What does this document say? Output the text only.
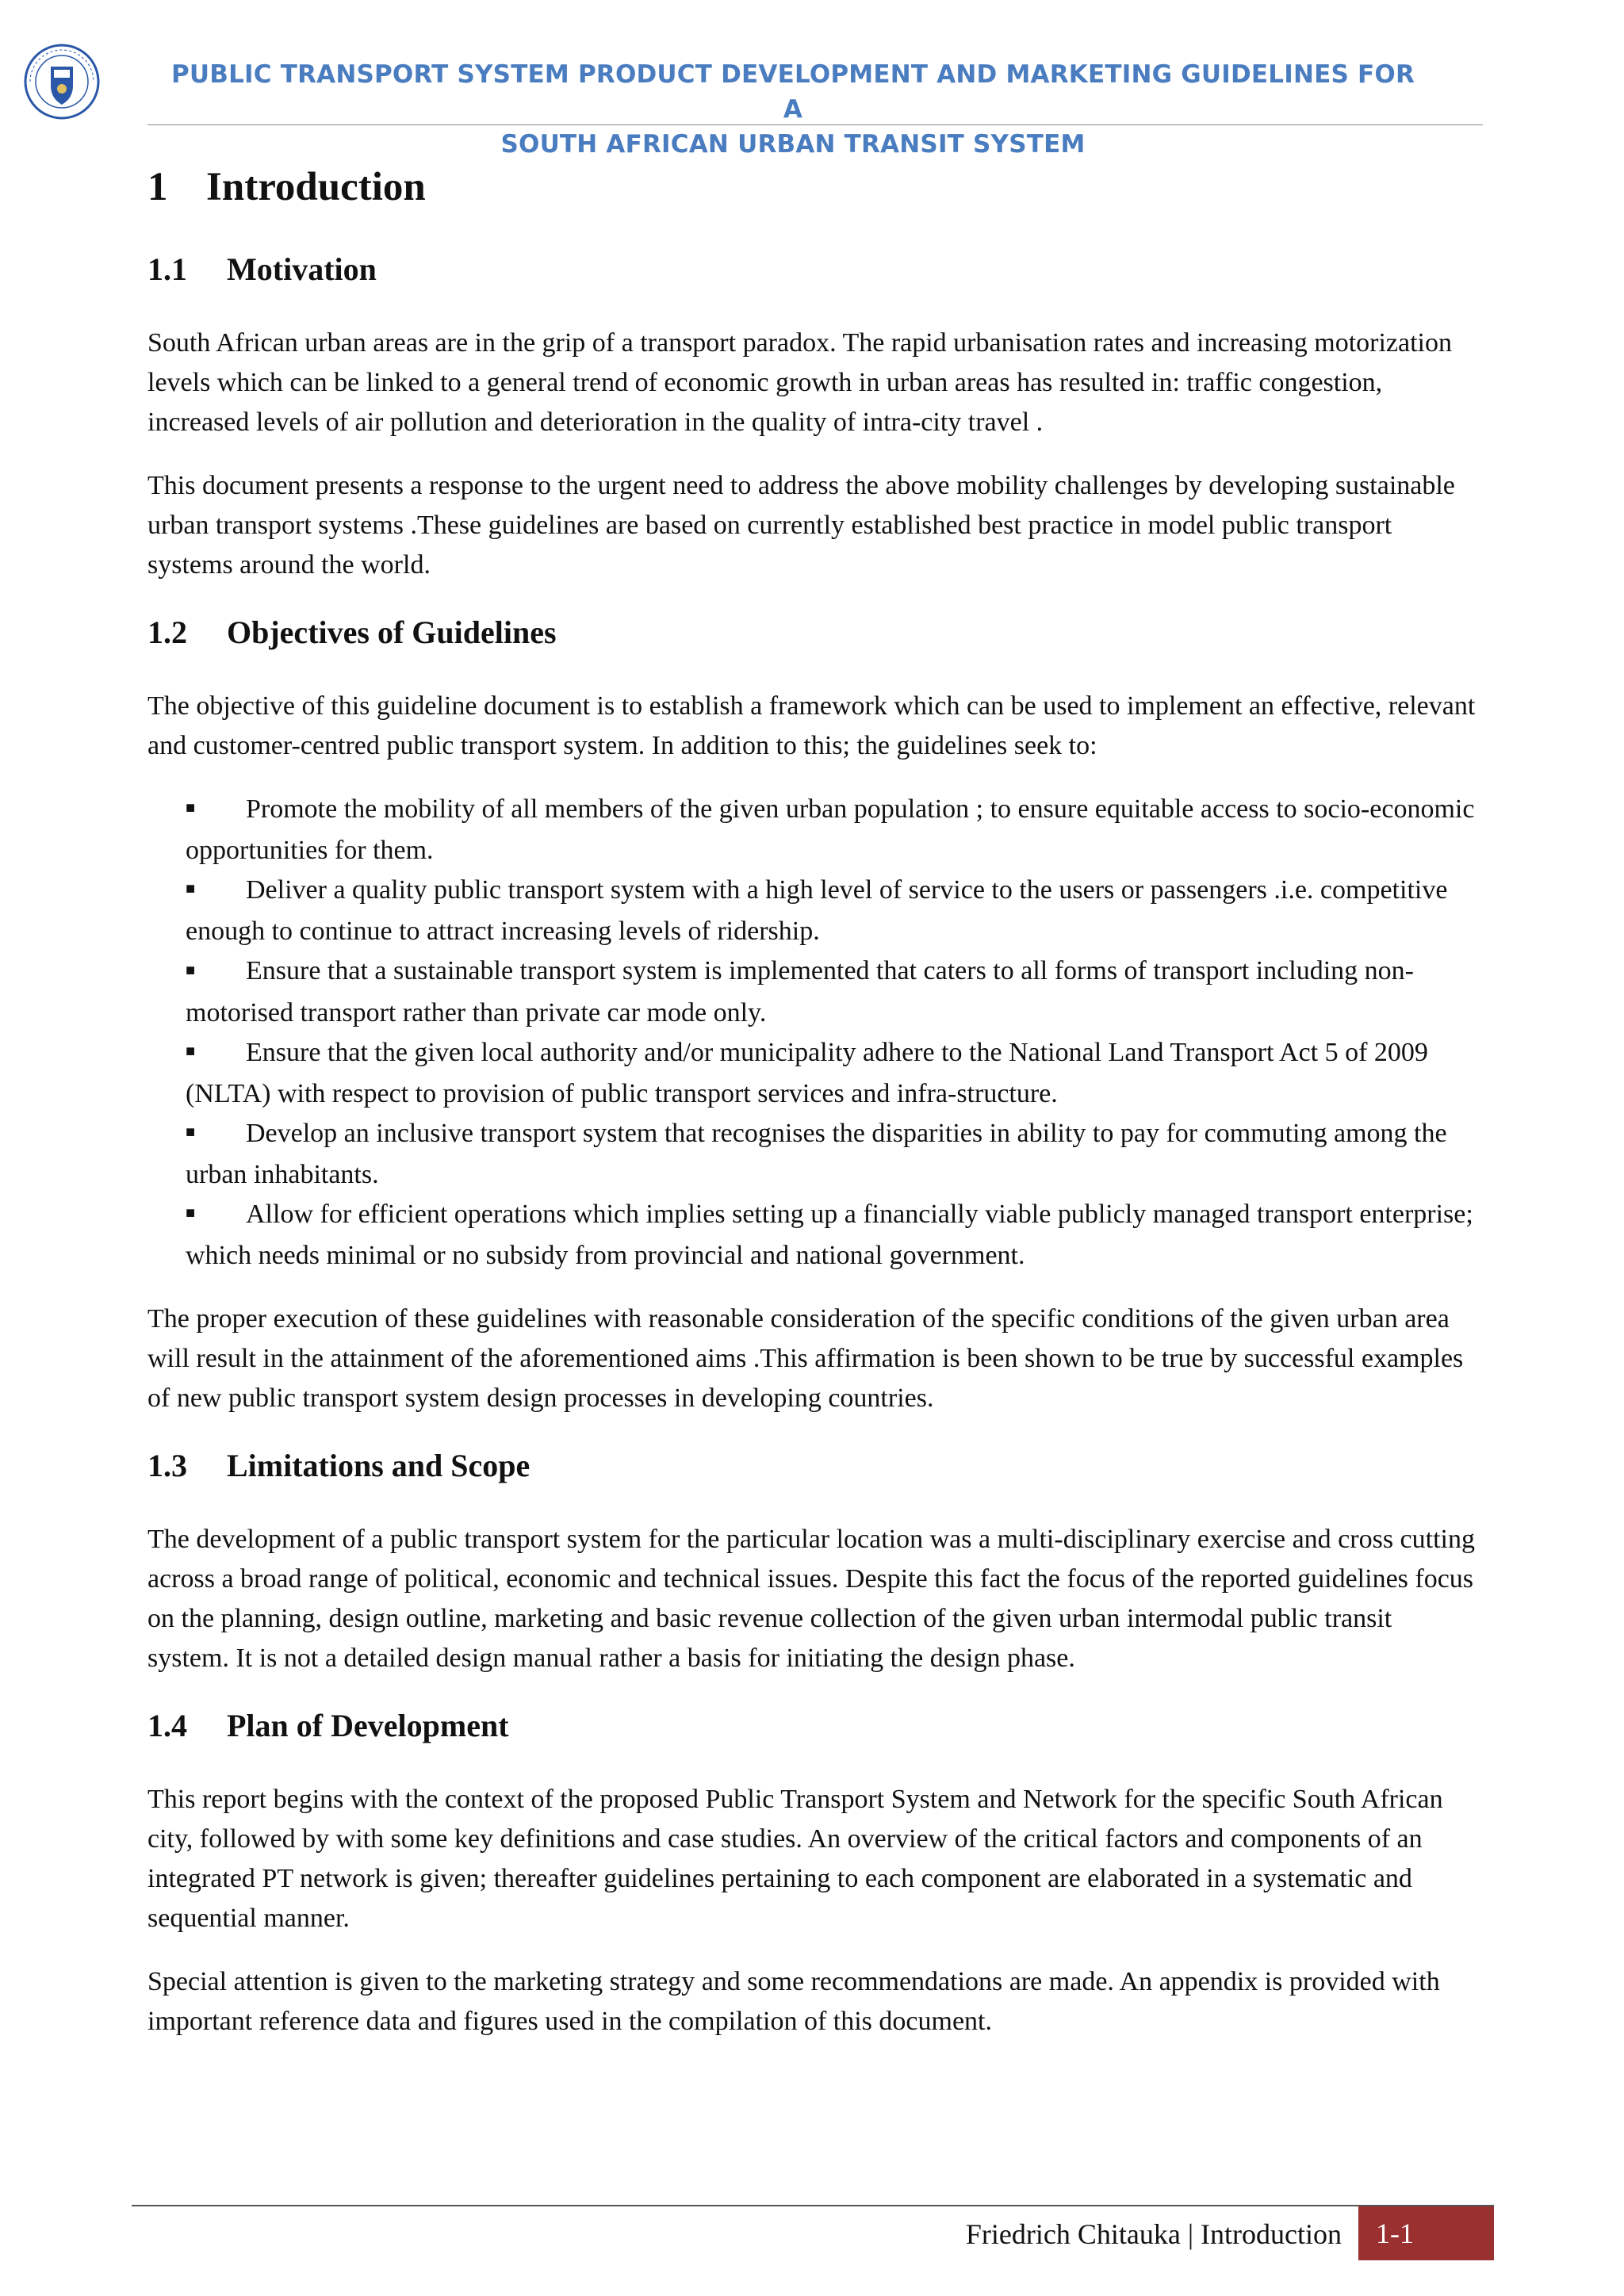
PUBLIC TRANSPORT SYSTEM PRODUCT DEVELOPMENT AND MARKETING GUIDELINES FOR A
SOUTH AFRICAN URBAN TRANSIT SYSTEM
1 Introduction
1.1 Motivation

South African urban areas are in the grip of a transport paradox. The rapid urbanisation rates and increasing motorization levels which can be linked to a general trend of economic growth in urban areas has resulted in: traffic congestion, increased levels of air pollution and deterioration in the quality of intra-city travel .

This document presents a response to the urgent need to address the above mobility challenges by developing sustainable urban transport systems .These guidelines are based on currently established best practice in model public transport systems around the world.

1.2 Objectives of Guidelines

The objective of this guideline document is to establish a framework which can be used to implement an effective, relevant and customer-centred public transport system. In addition to this; the guidelines seek to:

■ Promote the mobility of all members of the given urban population ; to ensure equitable access to socio-economic opportunities for them.
■ Deliver a quality public transport system with a high level of service to the users or passengers .i.e. competitive enough to continue to attract increasing levels of ridership.
■ Ensure that a sustainable transport system is implemented that caters to all forms of transport including non-motorised transport rather than private car mode only.
■ Ensure that the given local authority and/or municipality adhere to the National Land Transport Act 5 of 2009 (NLTA) with respect to provision of public transport services and infra-structure.
■ Develop an inclusive transport system that recognises the disparities in ability to pay for commuting among the urban inhabitants.
■ Allow for efficient operations which implies setting up a financially viable publicly managed transport enterprise; which needs minimal or no subsidy from provincial and national government.

The proper execution of these guidelines with reasonable consideration of the specific conditions of the given urban area will result in the attainment of the aforementioned aims .This affirmation is been shown to be true by successful examples of new public transport system design processes in developing countries.

1.3 Limitations and Scope

The development of a public transport system for the particular location was a multi-disciplinary exercise and cross cutting across a broad range of political, economic and technical issues. Despite this fact the focus of the reported guidelines focus on the planning, design outline, marketing and basic revenue collection of the given urban intermodal public transit system. It is not a detailed design manual rather a basis for initiating the design phase.

1.4 Plan of Development

This report begins with the context of the proposed Public Transport System and Network for the specific South African city, followed by with some key definitions and case studies. An overview of the critical factors and components of an integrated PT network is given; thereafter guidelines pertaining to each component are elaborated in a systematic and sequential manner.

Special attention is given to the marketing strategy and some recommendations are made. An appendix is provided with important reference data and figures used in the compilation of this document.

Friedrich Chitauka | Introduction	1-1
